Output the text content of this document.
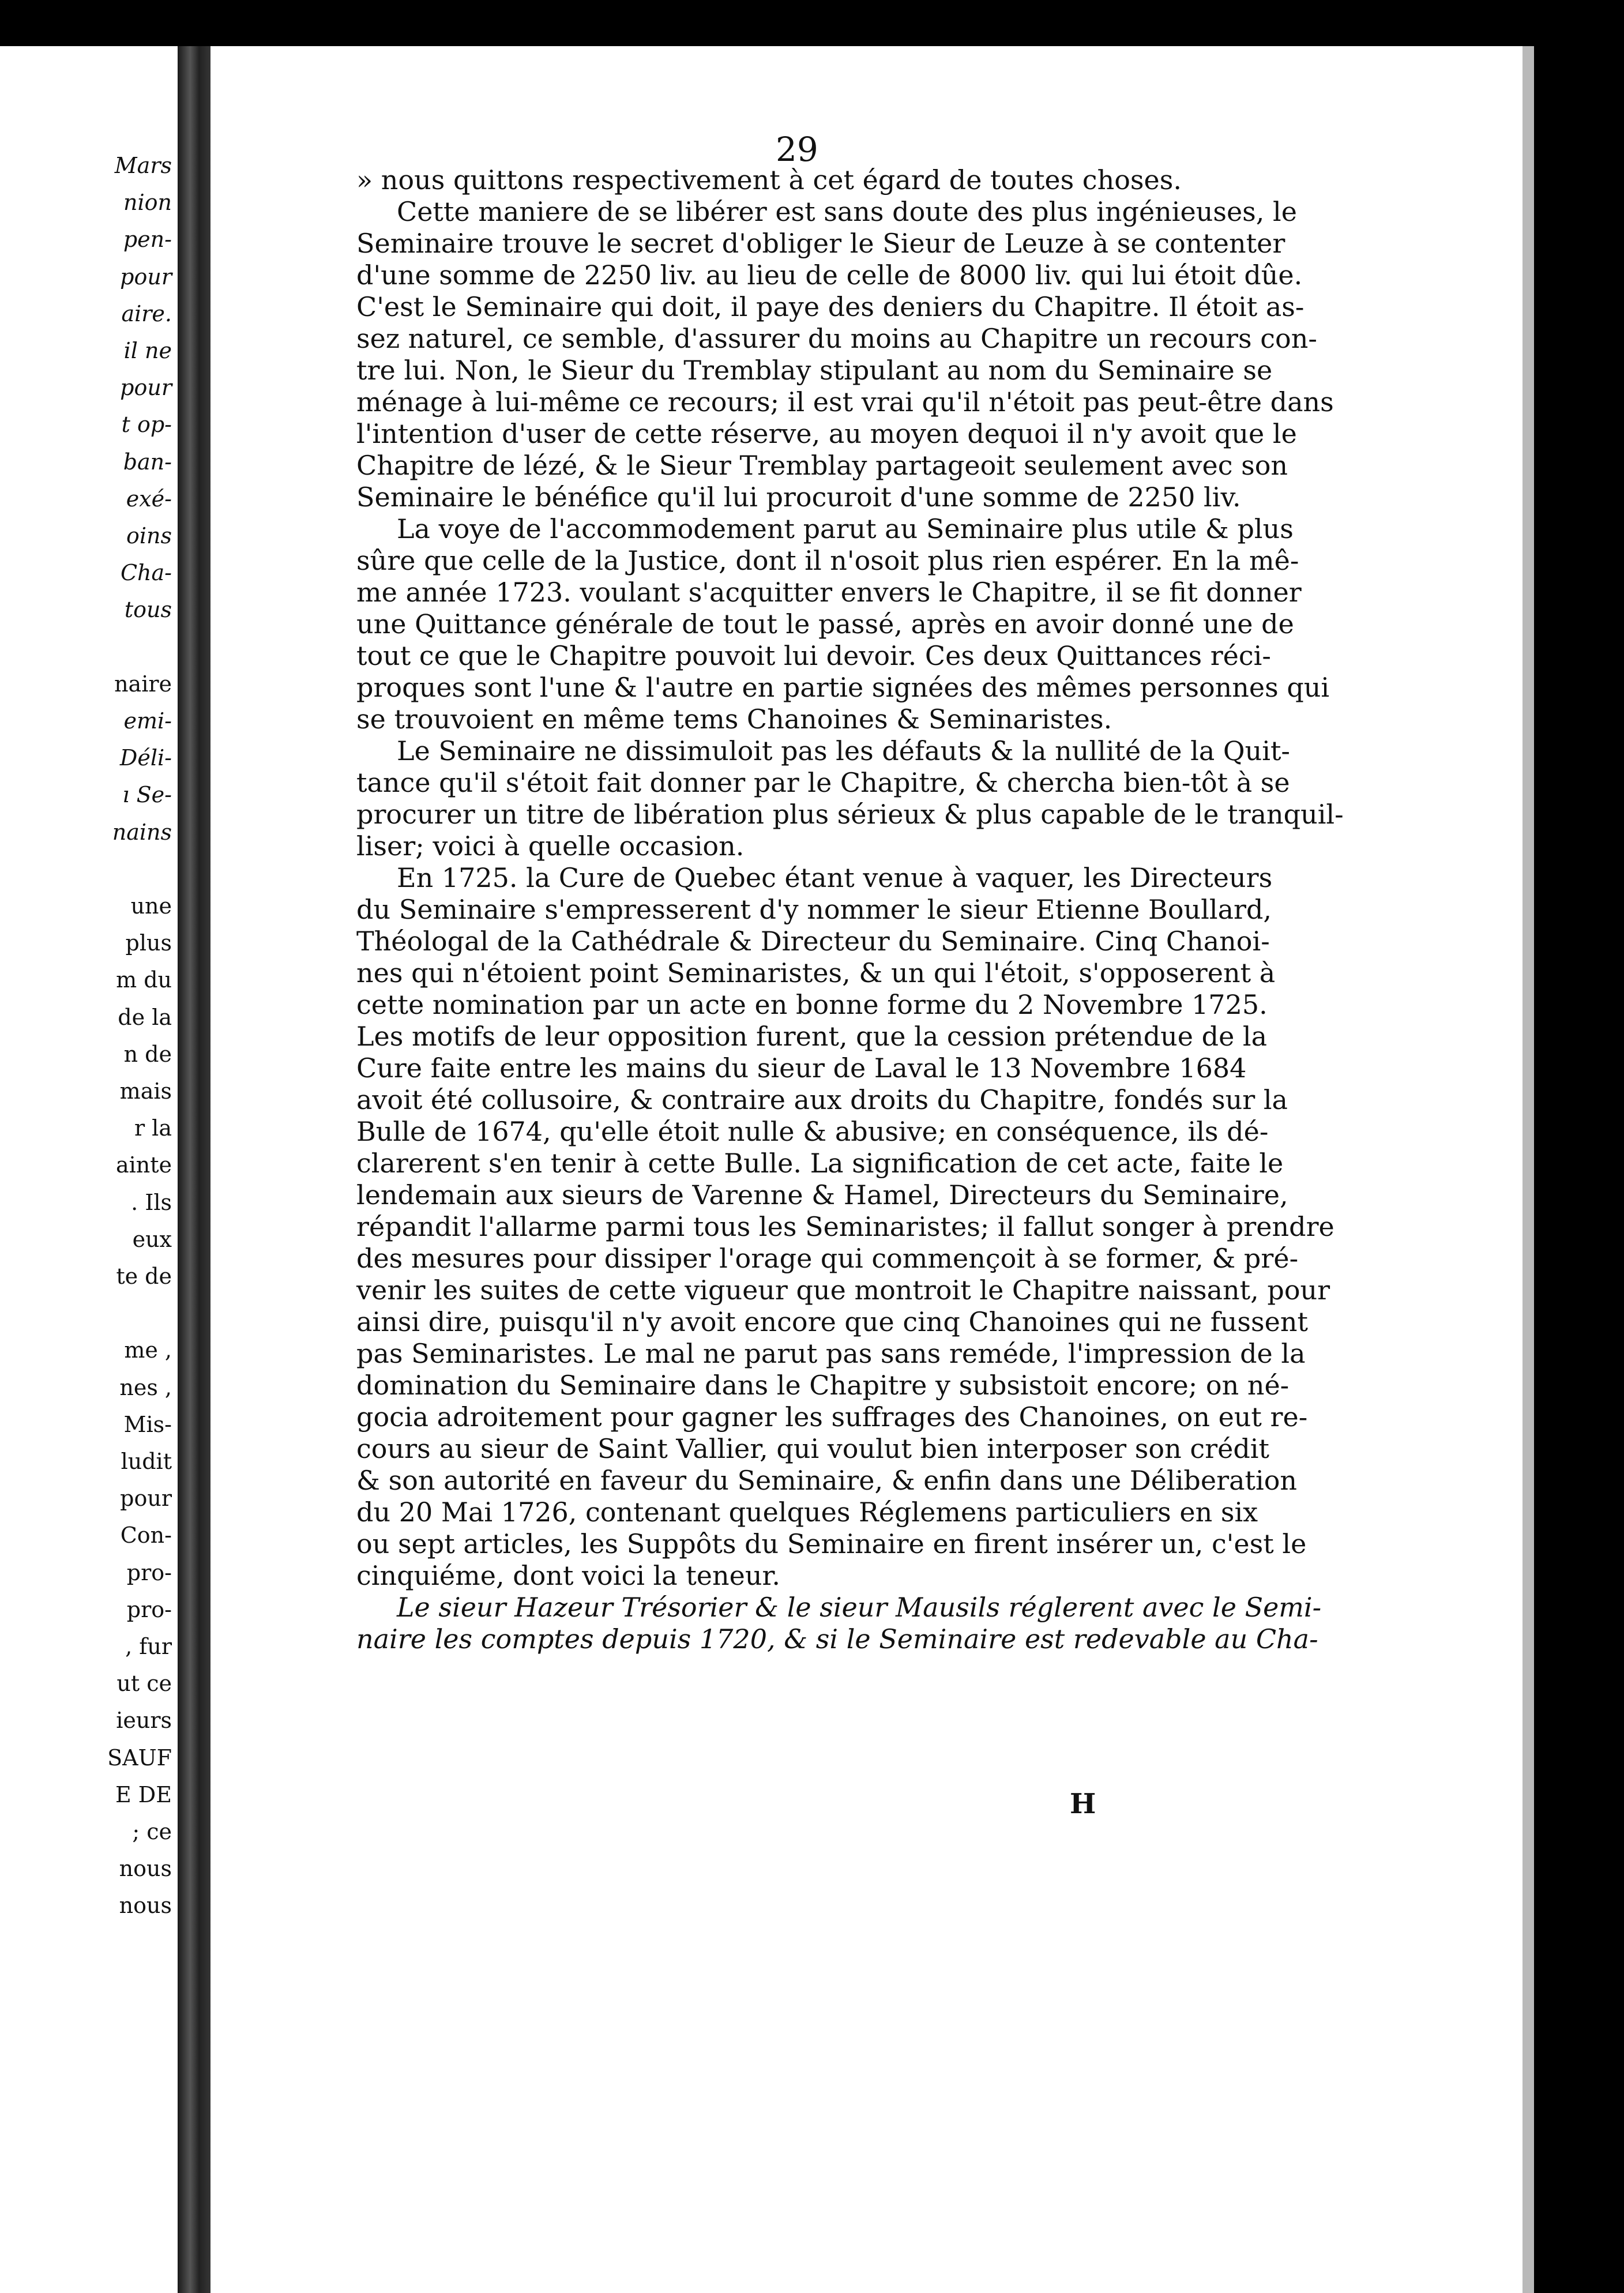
Mars
nion
pen-
pour
aire.
il ne
pour
t op-
ban-
exé-
oins
Cha-
tous
naire
emi-
Déli-
ı Se-
nains
une
plus
m du
de la
n de
mais
r la
ainte
. Ils
eux
te de
me ,
nes ,
Mis-
ludit
pour
Con-
pro-
pro-
, fur
ut ce
ieurs
SAUF
E DE
; ce
nous
nous
29
» nous quittons respectivement à cet égard de toutes choses.
Cette maniere de se libérer est sans doute des plus ingénieuses, le
Seminaire trouve le secret d'obliger le Sieur de Leuze à se contenter
d'une somme de 2250 liv. au lieu de celle de 8000 liv. qui lui étoit dûe.
C'est le Seminaire qui doit, il paye des deniers du Chapitre. Il étoit as-
sez naturel, ce semble, d'assurer du moins au Chapitre un recours con-
tre lui. Non, le Sieur du Tremblay stipulant au nom du Seminaire se
ménage à lui-même ce recours; il est vrai qu'il n'étoit pas peut-être dans
l'intention d'user de cette réserve, au moyen dequoi il n'y avoit que le
Chapitre de lézé, & le Sieur Tremblay partageoit seulement avec son
Seminaire le bénéfice qu'il lui procuroit d'une somme de 2250 liv.
La voye de l'accommodement parut au Seminaire plus utile & plus
sûre que celle de la Justice, dont il n'osoit plus rien espérer. En la mê-
me année 1723. voulant s'acquitter envers le Chapitre, il se fit donner
une Quittance générale de tout le passé, après en avoir donné une de
tout ce que le Chapitre pouvoit lui devoir. Ces deux Quittances réci-
proques sont l'une & l'autre en partie signées des mêmes personnes qui
se trouvoient en même tems Chanoines & Seminaristes.
Le Seminaire ne dissimuloit pas les défauts & la nullité de la Quit-
tance qu'il s'étoit fait donner par le Chapitre, & chercha bien-tôt à se
procurer un titre de libération plus sérieux & plus capable de le tranquil-
liser; voici à quelle occasion.
En 1725. la Cure de Quebec étant venue à vaquer, les Directeurs
du Seminaire s'empresserent d'y nommer le sieur Etienne Boullard,
Théologal de la Cathédrale & Directeur du Seminaire. Cinq Chanoi-
nes qui n'étoient point Seminaristes, & un qui l'étoit, s'opposerent à
cette nomination par un acte en bonne forme du 2 Novembre 1725.
Les motifs de leur opposition furent, que la cession prétendue de la
Cure faite entre les mains du sieur de Laval le 13 Novembre 1684
avoit été collusoire, & contraire aux droits du Chapitre, fondés sur la
Bulle de 1674, qu'elle étoit nulle & abusive; en conséquence, ils dé-
clarerent s'en tenir à cette Bulle. La signification de cet acte, faite le
lendemain aux sieurs de Varenne & Hamel, Directeurs du Seminaire,
répandit l'allarme parmi tous les Seminaristes; il fallut songer à prendre
des mesures pour dissiper l'orage qui commençoit à se former, & pré-
venir les suites de cette vigueur que montroit le Chapitre naissant, pour
ainsi dire, puisqu'il n'y avoit encore que cinq Chanoines qui ne fussent
pas Seminaristes. Le mal ne parut pas sans reméde, l'impression de la
domination du Seminaire dans le Chapitre y subsistoit encore; on né-
gocia adroitement pour gagner les suffrages des Chanoines, on eut re-
cours au sieur de Saint Vallier, qui voulut bien interposer son crédit
& son autorité en faveur du Seminaire, & enfin dans une Déliberation
du 20 Mai 1726, contenant quelques Réglemens particuliers en six
ou sept articles, les Suppôts du Seminaire en firent insérer un, c'est le
cinquiéme, dont voici la teneur.
Le sieur Hazeur Trésorier & le sieur Mausils réglerent avec le Semi-
naire les comptes depuis 1720, & si le Seminaire est redevable au Cha-
H
